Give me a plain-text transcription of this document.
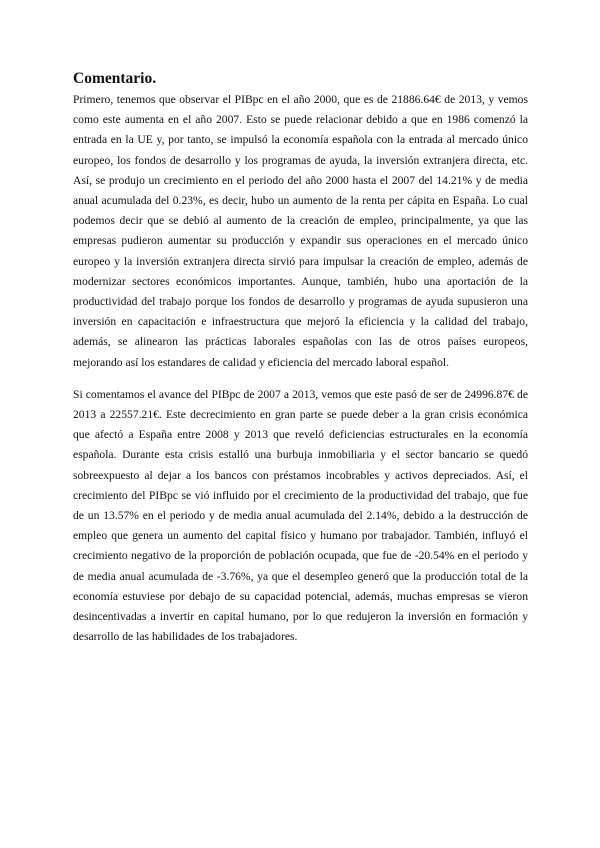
Comentario.

Primero, tenemos que observar el PIBpc en el año 2000, que es de 21886.64€ de 2013, y vemos como este aumenta en el año 2007. Esto se puede relacionar debido a que en 1986 comenzó la entrada en la UE y, por tanto, se impulsó la economía española con la entrada al mercado único europeo, los fondos de desarrollo y los programas de ayuda, la inversión extranjera directa, etc. Así, se produjo un crecimiento en el periodo del año 2000 hasta el 2007 del 14.21% y de media anual acumulada del 0.23%, es decir, hubo un aumento de la renta per cápita en España. Lo cual podemos decir que se debió al aumento de la creación de empleo, principalmente, ya que las empresas pudieron aumentar su producción y expandir sus operaciones en el mercado único europeo y la inversión extranjera directa sirvió para impulsar la creación de empleo, además de modernizar sectores económicos importantes. Aunque, también, hubo una aportación de la productividad del trabajo porque los fondos de desarrollo y programas de ayuda supusieron una inversión en capacitación e infraestructura que mejoró la eficiencia y la calidad del trabajo, además, se alinearon las prácticas laborales españolas con las de otros países europeos, mejorando así los estandares de calidad y eficiencia del mercado laboral español.

Si comentamos el avance del PIBpc de 2007 a 2013, vemos que este pasó de ser de 24996.87€ de 2013 a 22557.21€. Este decrecimiento en gran parte se puede deber a la gran crisis económica que afectó a España entre 2008 y 2013 que reveló deficiencias estructurales en la economía española. Durante esta crisis estalló una burbuja inmobiliaria y el sector bancario se quedó sobreexpuesto al dejar a los bancos con préstamos incobrables y activos depreciados. Así, el crecimiento del PIBpc se vió influido por el crecimiento de la productividad del trabajo, que fue de un 13.57% en el periodo y de media anual acumulada del 2.14%, debido a la destrucción de empleo que genera un aumento del capital físico y humano por trabajador. También, influyó el crecimiento negativo de la proporción de población ocupada, que fue de -20.54% en el periodo y de media anual acumulada de -3.76%, ya que el desempleo generó que la producción total de la economía estuviese por debajo de su capacidad potencial, además, muchas empresas se vieron desincentivadas a invertir en capital humano, por lo que redujeron la inversión en formación y desarrollo de las habilidades de los trabajadores.
